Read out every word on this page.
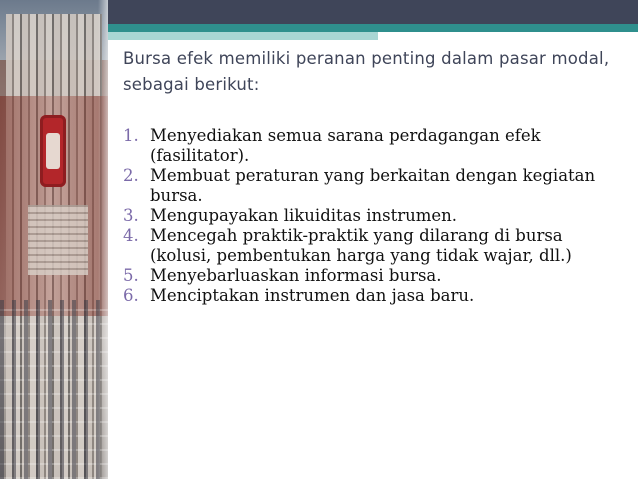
Bursa efek memiliki peranan penting dalam pasar modal, sebagai berikut:

1. Menyediakan semua sarana perdagangan efek (fasilitator).
2. Membuat peraturan yang berkaitan dengan kegiatan bursa.
3. Mengupayakan likuiditas instrumen.
4. Mencegah praktik-praktik yang dilarang di bursa (kolusi, pembentukan harga yang tidak wajar, dll.)
5. Menyebarluaskan informasi bursa.
6. Menciptakan instrumen dan jasa baru.
